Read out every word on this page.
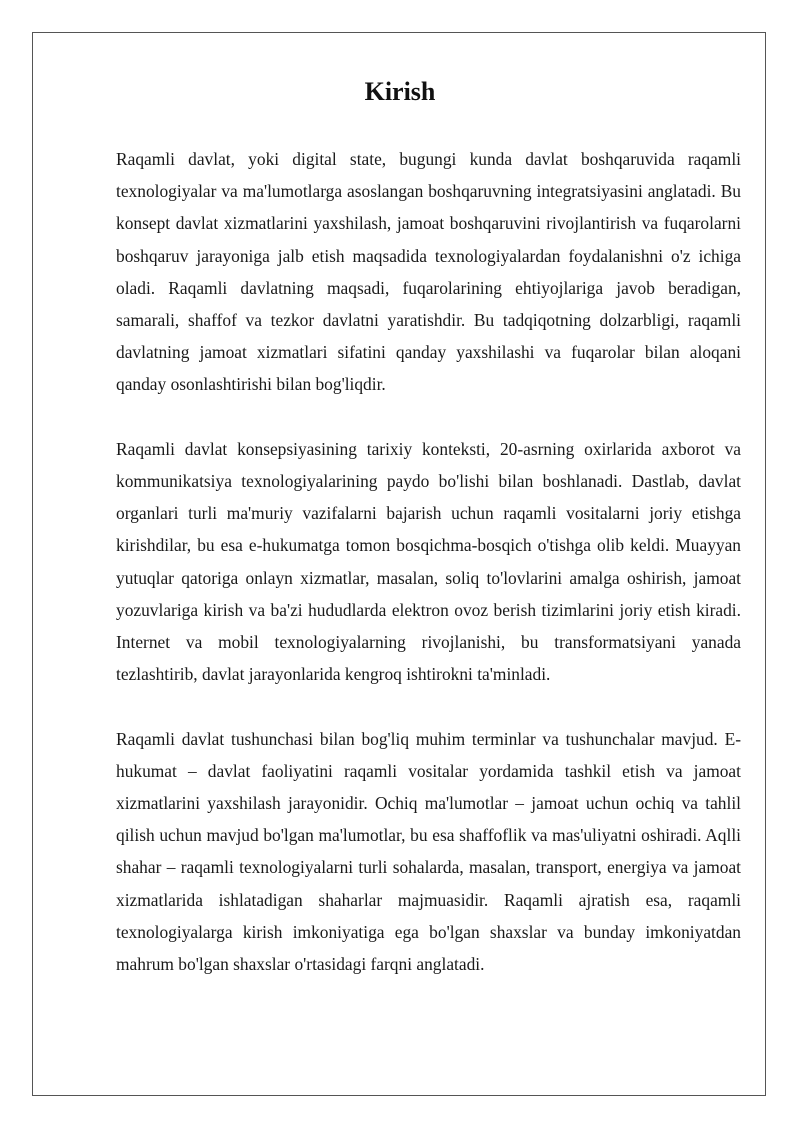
Kirish

Raqamli davlat, yoki digital state, bugungi kunda davlat boshqaruvida raqamli texnologiyalar va ma'lumotlarga asoslangan boshqaruvning integratsiyasini anglatadi. Bu konsept davlat xizmatlarini yaxshilash, jamoat boshqaruvini rivojlantirish va fuqarolarni boshqaruv jarayoniga jalb etish maqsadida texnologiyalardan foydalanishni o'z ichiga oladi. Raqamli davlatning maqsadi, fuqarolarining ehtiyojlariga javob beradigan, samarali, shaffof va tezkor davlatni yaratishdir. Bu tadqiqotning dolzarbligi, raqamli davlatning jamoat xizmatlari sifatini qanday yaxshilashi va fuqarolar bilan aloqani qanday osonlashtirishi bilan bog'liqdir.

Raqamli davlat konsepsiyasining tarixiy konteksti, 20-asrning oxirlarida axborot va kommunikatsiya texnologiyalarining paydo bo'lishi bilan boshlanadi. Dastlab, davlat organlari turli ma'muriy vazifalarni bajarish uchun raqamli vositalarni joriy etishga kirishdilar, bu esa e-hukumatga tomon bosqichma-bosqich o'tishga olib keldi. Muayyan yutuqlar qatoriga onlayn xizmatlar, masalan, soliq to'lovlarini amalga oshirish, jamoat yozuvlariga kirish va ba'zi hududlarda elektron ovoz berish tizimlarini joriy etish kiradi. Internet va mobil texnologiyalarning rivojlanishi, bu transformatsiyani yanada tezlashtirib, davlat jarayonlarida kengroq ishtirokni ta'minladi.

Raqamli davlat tushunchasi bilan bog'liq muhim terminlar va tushunchalar mavjud. E-hukumat – davlat faoliyatini raqamli vositalar yordamida tashkil etish va jamoat xizmatlarini yaxshilash jarayonidir. Ochiq ma'lumotlar – jamoat uchun ochiq va tahlil qilish uchun mavjud bo'lgan ma'lumotlar, bu esa shaffoflik va mas'uliyatni oshiradi. Aqlli shahar – raqamli texnologiyalarni turli sohalarda, masalan, transport, energiya va jamoat xizmatlarida ishlatadigan shaharlar majmuasidir. Raqamli ajratish esa, raqamli texnologiyalarga kirish imkoniyatiga ega bo'lgan shaxslar va bunday imkoniyatdan mahrum bo'lgan shaxslar o'rtasidagi farqni anglatadi.
